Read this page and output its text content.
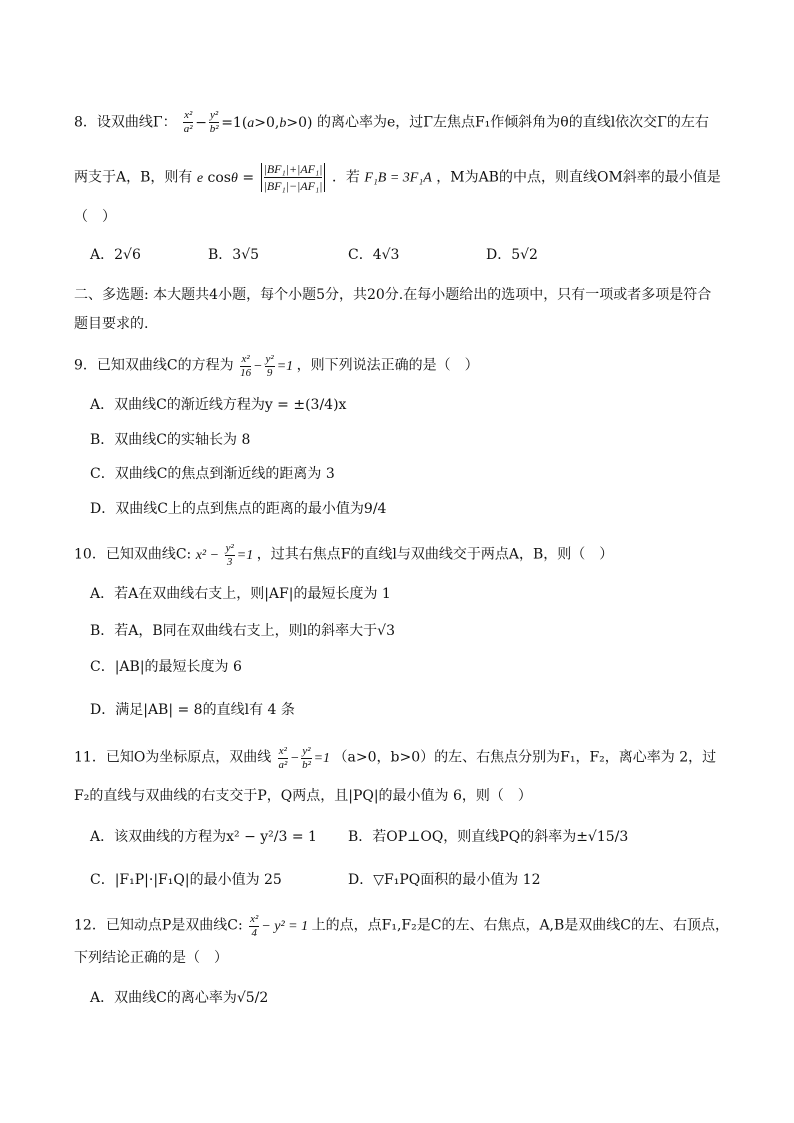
8．设双曲线Γ： $\frac{\text{x²}}{\text{a²}} - \frac{\text{y²}}{\text{b²}} =1(a>0,b>0)$ 的离心率为e，过Γ左焦点F₁作倾斜角为θ的直线l依次交Γ的左右
两支于A，B，则有 e $\cos\theta = \frac{\text{|BF₁|+|AF₁|}}{\text{|BF₁|−|AF₁|}}$ ．若 F₁B = 3F₁A ，M为AB的中点，则直线OM斜率的最小值是
（　）
A．2√6	B．3√5	C．4√3	D．5√2
二、多选题: 本大题共4小题，每个小题5分，共20分.在每小题给出的选项中，只有一项或者多项是符合
题目要求的.
9．已知双曲线C的方程为 $\frac{\text{x²}}{16} - \frac{\text{y²}}{9} =1$ ，则下列说法正确的是（　）
A．双曲线C的渐近线方程为y = ±(3/4)x
B．双曲线C的实轴长为 8
C．双曲线C的焦点到渐近线的距离为 3
D．双曲线C上的点到焦点的距离的最小值为9/4
10．已知双曲线C: $x^2 - \frac{\text{y²}}{3} =1$ ，过其右焦点F的直线l与双曲线交于两点A，B，则（　）
A．若A在双曲线右支上，则|AF|的最短长度为 1
B．若A，B同在双曲线右支上，则l的斜率大于√3
C．|AB|的最短长度为 6
D．满足|AB| = 8的直线l有 4 条
11．已知O为坐标原点，双曲线 $\frac{\text{x²}}{\text{a²}} - \frac{\text{y²}}{\text{b²}} =1$ （a>0，b>0）的左、右焦点分别为F₁，F₂，离心率为 2，过
F₂的直线与双曲线的右支交于P，Q两点，且|PQ|的最小值为 6，则（　）
A．该双曲线的方程为x² − y²/3 = 1 B．若OP⊥OQ，则直线PQ的斜率为±√15/3
C．|F₁P|·|F₁Q|的最小值为 25	D．▽F₁PQ面积的最小值为 12
12．已知动点P是双曲线C: $\frac{\text{x²}}{4} - y^2 = 1$ 上的点，点F₁,F₂是C的左、右焦点，A,B是双曲线C的左、右顶点，
下列结论正确的是（　）
A．双曲线C的离心率为√5/2
